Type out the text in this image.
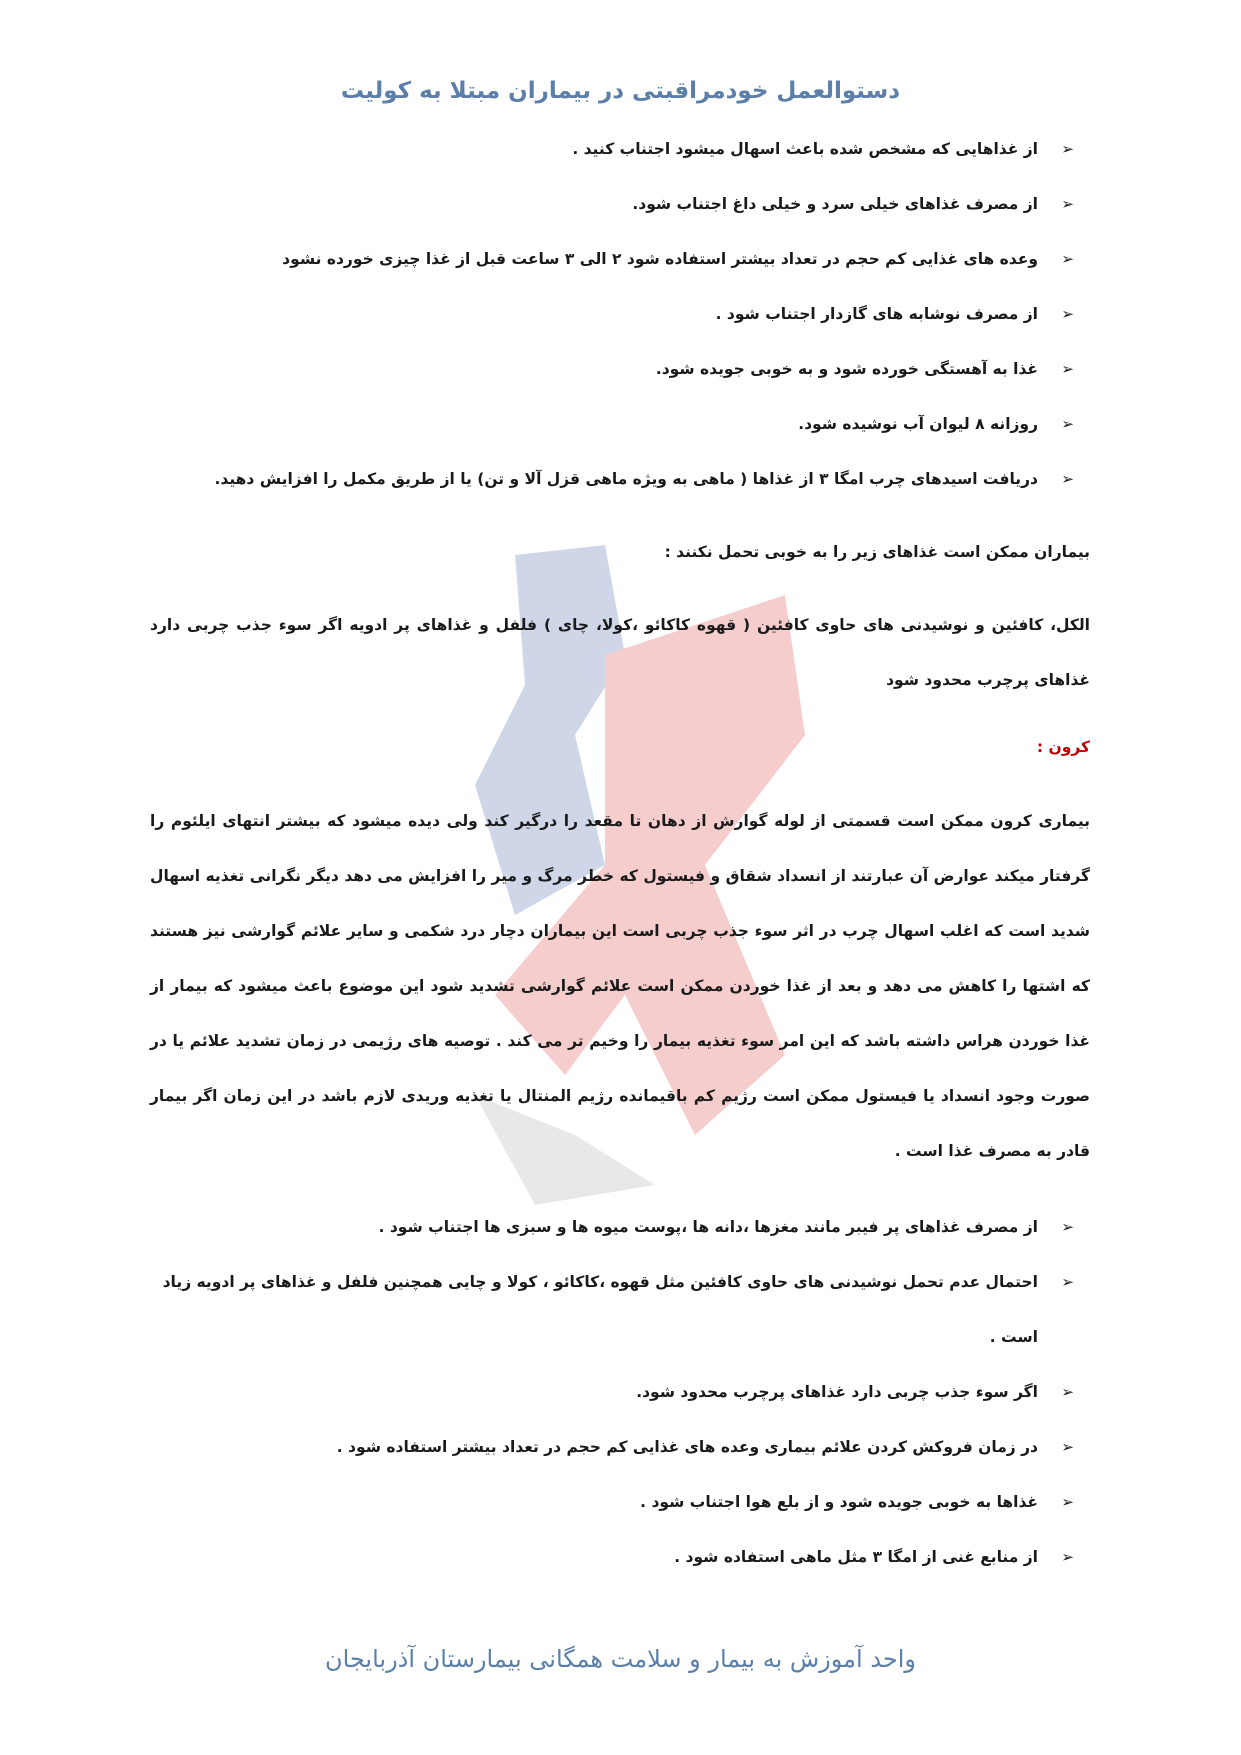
دستوالعمل خودمراقبتی در بیماران مبتلا به کولیت
➢
از غذاهایی که مشخص شده باعث اسهال میشود اجتناب کنید .
➢
از مصرف غذاهای خیلی سرد و خیلی داغ اجتناب شود.
➢
وعده های غذایی کم حجم در تعداد بیشتر استفاده شود ۲ الی ۳ ساعت قبل از غذا چیزی خورده نشود
➢
از مصرف نوشابه های گازدار اجتناب شود .
➢
غذا به آهستگی خورده شود و به خوبی جویده شود.
➢
روزانه ۸ لیوان آب نوشیده شود.
➢
دریافت اسیدهای چرب امگا ۳ از غذاها ( ماهی به ویژه ماهی قزل آلا و تن) یا از طریق مکمل را افزایش دهید.
بیماران ممکن است غذاهای زیر را به خوبی تحمل نکنند :
الکل، کافئین و نوشیدنی های حاوی کافئین ( قهوه کاکائو ،کولا، چای ) فلفل و غذاهای پر ادویه اگر سوء جذب چربی دارد غذاهای پرچرب محدود شود
کرون :
بیماری کرون ممکن است قسمتی از لوله گوارش از دهان تا مقعد را درگیر کند ولی دیده میشود که بیشتر انتهای ایلئوم را گرفتار میکند عوارض آن عبارتند از انسداد شقاق و فیستول که خطر مرگ و میر را افزایش می دهد دیگر نگرانی تغذیه اسهال شدید است که اغلب اسهال چرب در اثر سوء جذب چربی است این بیماران دچار درد شکمی و سایر علائم گوارشی نیز هستند که اشتها را کاهش می دهد و بعد از غذا خوردن ممکن است علائم گوارشی تشدید شود این موضوع باعث میشود که بیمار از غذا خوردن هراس داشته باشد که این امر سوء تغذیه بیمار را وخیم تر می کند . توصیه های رژیمی در زمان تشدید علائم یا در صورت وجود انسداد یا فیستول ممکن است رژیم کم باقیمانده رژیم المنتال یا تغذیه وریدی لازم باشد در این زمان اگر بیمار قادر به مصرف غذا است .
➢
از مصرف غذاهای پر فیبر مانند مغزها ،دانه ها ،پوست میوه ها و سبزی ها اجتناب شود .
➢
احتمال عدم تحمل نوشیدنی های حاوی کافئین مثل قهوه ،کاکائو ، کولا و چایی همچنین فلفل و غذاهای پر ادویه زیاد است .
➢
اگر سوء جذب چربی دارد غذاهای پرچرب محدود شود.
➢
در زمان فروکش کردن علائم بیماری وعده های غذایی کم حجم در تعداد بیشتر استفاده شود .
➢
غذاها به خوبی جویده شود و از بلع هوا اجتناب شود .
➢
از منابع غنی از امگا ۳ مثل ماهی استفاده شود .
واحد آموزش به بیمار و سلامت همگانی بیمارستان آذربایجان
